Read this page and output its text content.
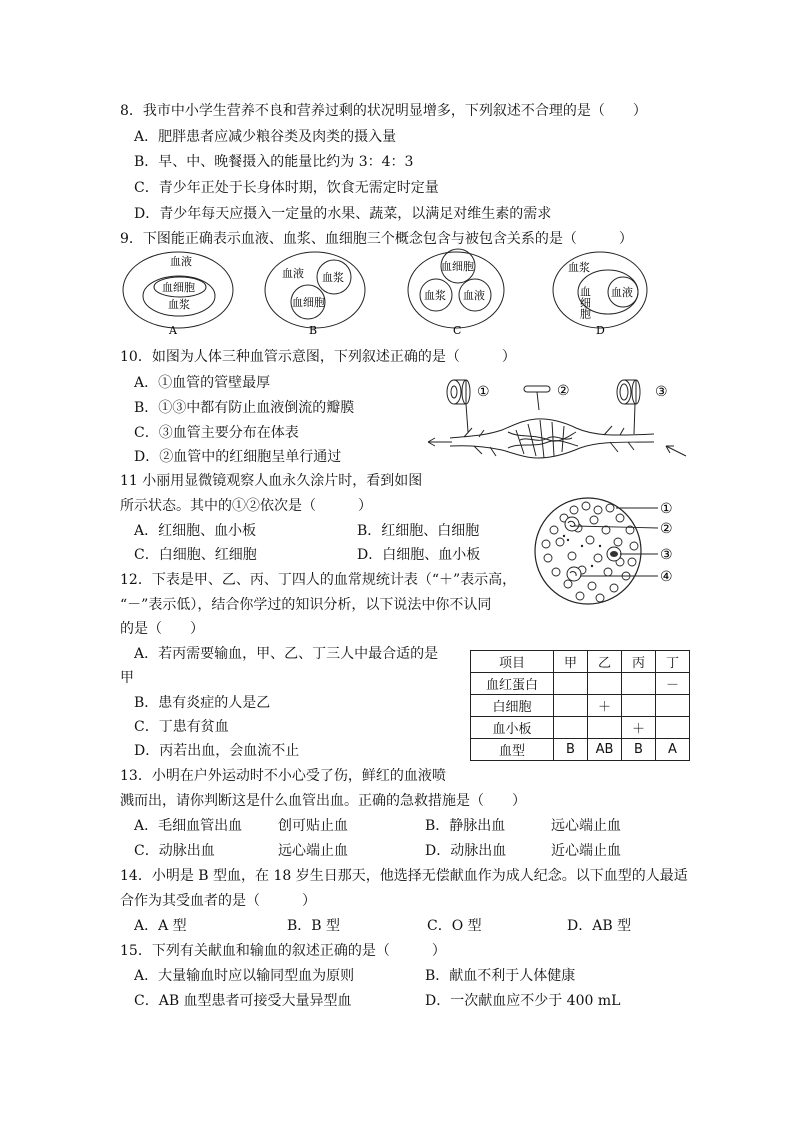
8．我市中小学生营养不良和营养过剩的状况明显增多，下列叙述不合理的是（　　）
A．肥胖患者应减少粮谷类及肉类的摄入量
B．早、中、晚餐摄入的能量比约为 3：4：3
C．青少年正处于长身体时期，饮食无需定时定量
D．青少年每天应摄入一定量的水果、蔬菜，以满足对维生素的需求
9．下图能正确表示血液、血浆、血细胞三个概念包含与被包含关系的是（　　　）
血液
血细胞
血浆
A
血液 血浆
血细胞
B
血细胞
血浆 血液
C
血浆
血细胞 血液
D
10．如图为人体三种血管示意图，下列叙述正确的是（　　　）
A．①血管的管壁最厚
B．①③中都有防止血液倒流的瓣膜
C．③血管主要分布在体表
D．②血管中的红细胞呈单行通过
①	②	③
11 小丽用显微镜观察人血永久涂片时，看到如图
所示状态。其中的①②依次是（　　　）
A．红细胞、血小板	B．红细胞、白细胞
C．白细胞、红细胞	D．白细胞、血小板
①
②
③
④
12．下表是甲、乙、丙、丁四人的血常规统计表（“＋”表示高，
“－”表示低），结合你学过的知识分析，以下说法中你不认同
的是（　　）
A．若丙需要输血，甲、乙、丁三人中最合适的是
甲
B．患有炎症的人是乙
C．丁患有贫血
D．丙若出血，会血流不止
项目	甲	乙	丙	丁
血红蛋白				－
白细胞		＋		
血小板			＋	
血型	B	AB	B	A
13．小明在户外运动时不小心受了伤，鲜红的血液喷
溅而出，请你判断这是什么血管出血。正确的急救措施是（　　）
A．毛细血管出血	创可贴止血	B．静脉出血	远心端止血
C．动脉出血	远心端止血	D．动脉出血	近心端止血
14．小明是 B 型血，在 18 岁生日那天，他选择无偿献血作为成人纪念。以下血型的人最适
合作为其受血者的是（　　　）
A．A 型	B．B 型	C．O 型	D．AB 型
15．下列有关献血和输血的叙述正确的是（　　　）
A．大量输血时应以输同型血为原则	B．献血不利于人体健康
C．AB 血型患者可接受大量异型血	D．一次献血应不少于 400 mL
